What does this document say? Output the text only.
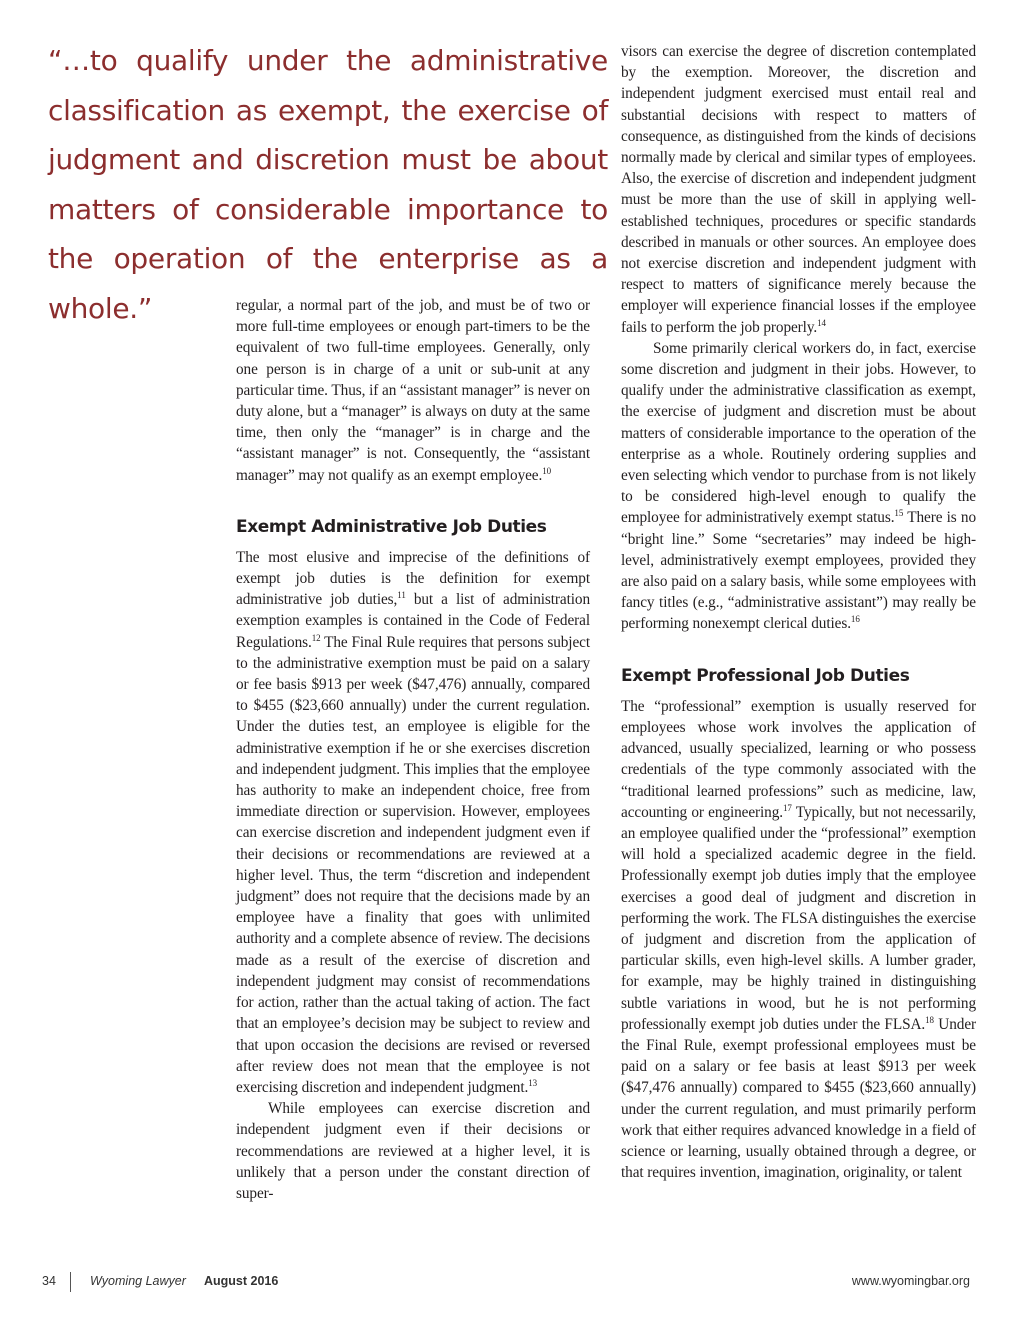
“…to qualify under the administrative classification as exempt, the exercise of judgment and discretion must be about matters of considerable importance to the operation of the enterprise as a whole.”	regular, a normal part of the job, and must be of two or more full-time employees or enough part-timers to be the equivalent of two full-time employees. Generally, only one person is in charge of a unit or sub-unit at any particular time. Thus, if an “assistant manager” is never on duty alone, but a “manager” is always on duty at the same time, then only the “manager” is in charge and the “assistant manager” is not. Consequently, the “assistant manager” may not qualify as an exempt employee.$^{10}$

Exempt Administrative Job Duties

The most elusive and imprecise of the definitions of exempt job duties is the definition for exempt administrative job duties,$^{11}$ but a list of administration exemption examples is contained in the Code of Federal Regulations.$^{12}$ The Final Rule requires that persons subject to the administrative exemption must be paid on a salary or fee basis $913 per week ($47,476) annually, compared to $455 ($23,660 annually) under the current regulation. Under the duties test, an employee is eligible for the administrative exemption if he or she exercises discretion and independent judgment. This implies that the employee has authority to make an independent choice, free from immediate direction or supervision. However, employees can exercise discretion and independent judgment even if their decisions or recommendations are reviewed at a higher level. Thus, the term “discretion and independent judgment” does not require that the decisions made by an employee have a finality that goes with unlimited authority and a complete absence of review. The decisions made as a result of the exercise of discretion and independent judgment may consist of recommendations for action, rather than the actual taking of action. The fact that an employee’s decision may be subject to review and that upon occasion the decisions are revised or reversed after review does not mean that the employee is not exercising discretion and independent judgment.$^{13}$

While employees can exercise discretion and independent judgment even if their decisions or recommendations are reviewed at a higher level, it is unlikely that a person under the constant direction of super-

visors can exercise the degree of discretion contemplated by the exemption. Moreover, the discretion and independent judgment exercised must entail real and substantial decisions with respect to matters of consequence, as distinguished from the kinds of decisions normally made by clerical and similar types of employees. Also, the exercise of discretion and independent judgment must be more than the use of skill in applying well-established techniques, procedures or specific standards described in manuals or other sources. An employee does not exercise discretion and independent judgment with respect to matters of significance merely because the employer will experience financial losses if the employee fails to perform the job properly.$^{14}$

Some primarily clerical workers do, in fact, exercise some discretion and judgment in their jobs. However, to qualify under the administrative classification as exempt, the exercise of judgment and discretion must be about matters of considerable importance to the operation of the enterprise as a whole. Routinely ordering supplies and even selecting which vendor to purchase from is not likely to be considered high-level enough to qualify the employee for administratively exempt status.$^{15}$ There is no “bright line.” Some “secretaries” may indeed be high-level, administratively exempt employees, provided they are also paid on a salary basis, while some employees with fancy titles (e.g., “administrative assistant”) may really be performing nonexempt clerical duties.$^{16}$

Exempt Professional Job Duties

The “professional” exemption is usually reserved for employees whose work involves the application of advanced, usually specialized, learning or who possess credentials of the type commonly associated with the “traditional learned professions” such as medicine, law, accounting or engineering.$^{17}$ Typically, but not necessarily, an employee qualified under the “professional” exemption will hold a specialized academic degree in the field. Professionally exempt job duties imply that the employee exercises a good deal of judgment and discretion in performing the work. The FLSA distinguishes the exercise of judgment and discretion from the application of particular skills, even high-level skills. A lumber grader, for example, may be highly trained in distinguishing subtle variations in wood, but he is not performing professionally exempt job duties under the FLSA.$^{18}$ Under the Final Rule, exempt professional employees must be paid on a salary or fee basis at least $913 per week ($47,476 annually) compared to $455 ($23,660 annually) under the current regulation, and must primarily perform work that either requires advanced knowledge in a field of science or learning, usually obtained through a degree, or that requires invention, imagination, originality, or talent

34	Wyoming Lawyer August 2016	www.wyomingbar.org
